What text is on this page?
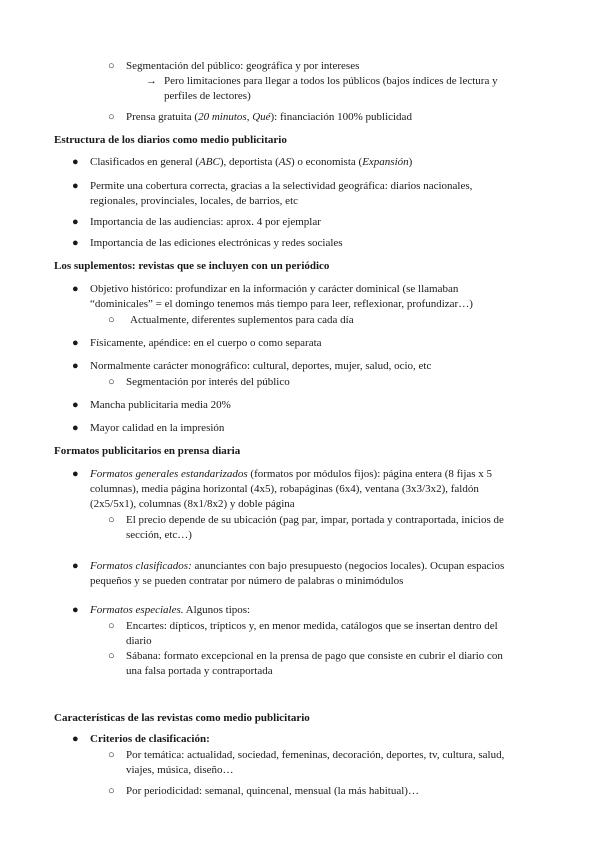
○ Segmentación del público: geográfica y por intereses
→ Pero limitaciones para llegar a todos los públicos (bajos índices de lectura y
perfiles de lectores)
○ Prensa gratuita (20 minutos, Qué): financiación 100% publicidad
Estructura de los diarios como medio publicitario
● Clasificados en general (ABC), deportista (AS) o economista (Expansión)
● Permite una cobertura correcta, gracias a la selectividad geográfica: diarios nacionales,
regionales, provinciales, locales, de barrios, etc
● Importancia de las audiencias: aprox. 4 por ejemplar
● Importancia de las ediciones electrónicas y redes sociales
Los suplementos: revistas que se incluyen con un periódico
● Objetivo histórico: profundizar en la información y carácter dominical (se llamaban
“dominicales” = el domingo tenemos más tiempo para leer, reflexionar, profundizar…)
○ Actualmente, diferentes suplementos para cada día
● Físicamente, apéndice: en el cuerpo o como separata
● Normalmente carácter monográfico: cultural, deportes, mujer, salud, ocio, etc
○ Segmentación por interés del público
● Mancha publicitaria media 20%
● Mayor calidad en la impresión
Formatos publicitarios en prensa diaria
● Formatos generales estandarizados (formatos por módulos fijos): página entera (8 fijas x 5
columnas), media página horizontal (4x5), robapáginas (6x4), ventana (3x3/3x2), faldón
(2x5/5x1), columnas (8x1/8x2) y doble página
○ El precio depende de su ubicación (pag par, impar, portada y contraportada, inicios de
sección, etc…)
● Formatos clasificados: anunciantes con bajo presupuesto (negocios locales). Ocupan espacios
pequeños y se pueden contratar por número de palabras o minimódulos
● Formatos especiales. Algunos tipos:
○ Encartes: dípticos, trípticos y, en menor medida, catálogos que se insertan dentro del
diario
○ Sábana: formato excepcional en la prensa de pago que consiste en cubrir el diario con
una falsa portada y contraportada
Características de las revistas como medio publicitario
● Criterios de clasificación:
○ Por temática: actualidad, sociedad, femeninas, decoración, deportes, tv, cultura, salud,
viajes, música, diseño…
○ Por periodicidad: semanal, quincenal, mensual (la más habitual)…
